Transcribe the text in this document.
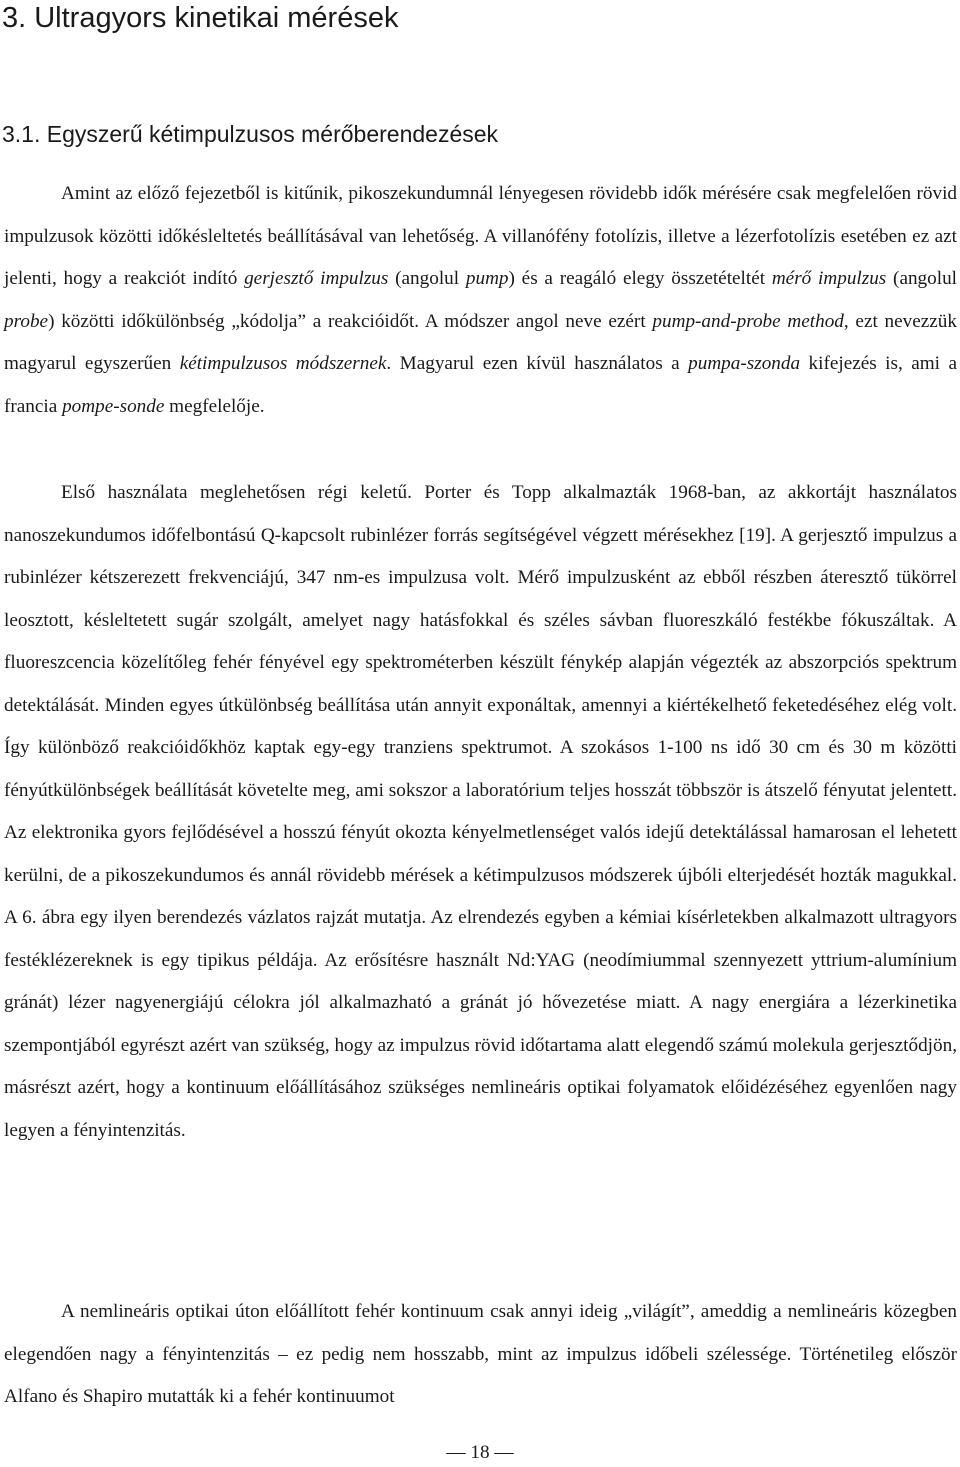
3. Ultragyors kinetikai mérések
3.1. Egyszerű kétimpulzusos mérőberendezések

Amint az előző fejezetből is kitűnik, pikoszekundumnál lényegesen rövidebb idők mérésére csak megfelelően rövid impulzusok közötti időkésleltetés beállításával van lehetőség. A villanófény fotolízis, illetve a lézerfotolízis esetében ez azt jelenti, hogy a reakciót indító gerjesztő impulzus (angolul pump) és a reagáló elegy összetételtét mérő impulzus (angolul probe) közötti időkülönbség „kódolja” a reakcióidőt. A módszer angol neve ezért pump-and-probe method, ezt nevezzük magyarul egyszerűen kétimpulzusos módszernek. Magyarul ezen kívül használatos a pumpa-szonda kifejezés is, ami a francia pompe-sonde megfelelője.

Első használata meglehetősen régi keletű. Porter és Topp alkalmazták 1968-ban, az akkortájt használatos nanoszekundumos időfelbontású Q-kapcsolt rubinlézer forrás segítségével végzett mérésekhez [19]. A gerjesztő impulzus a rubinlézer kétszerezett frekvenciájú, 347 nm-es impulzusa volt. Mérő impulzusként az ebből részben áteresztő tükörrel leosztott, késleltetett sugár szolgált, amelyet nagy hatásfokkal és széles sávban fluoreszkáló festékbe fókuszáltak. A fluoreszcencia közelítőleg fehér fényével egy spektrométerben készült fénykép alapján végezték az abszorpciós spektrum detektálását. Minden egyes útkülönbség beállítása után annyit exponáltak, amennyi a kiértékelhető feketedéséhez elég volt. Így különböző reakcióidőkhöz kaptak egy-egy tranziens spektrumot. A szokásos 1-100 ns idő 30 cm és 30 m közötti fényútkülönbségek beállítását követelte meg, ami sokszor a laboratórium teljes hosszát többször is átszelő fényutat jelentett. Az elektronika gyors fejlődésével a hosszú fényút okozta kényelmetlenséget valós idejű detektálással hamarosan el lehetett kerülni, de a pikoszekundumos és annál rövidebb mérések a kétimpulzusos módszerek újbóli elterjedését hozták magukkal. A 6. ábra egy ilyen berendezés vázlatos rajzát mutatja. Az elrendezés egyben a kémiai kísérletekben alkalmazott ultragyors festéklézereknek is egy tipikus példája. Az erősítésre használt Nd:YAG (neodímiummal szennyezett yttrium-alumínium gránát) lézer nagyenergiájú célokra jól alkalmazható a gránát jó hővezetése miatt. A nagy energiára a lézerkinetika szempontjából egyrészt azért van szükség, hogy az impulzus rövid időtartama alatt elegendő számú molekula gerjesztődjön, másrészt azért, hogy a kontinuum előállításához szükséges nemlineáris optikai folyamatok előidézéséhez egyenlően nagy legyen a fényintenzitás.

A nemlineáris optikai úton előállított fehér kontinuum csak annyi ideig „világít”, ameddig a nemlineáris közegben elegendően nagy a fényintenzitás – ez pedig nem hosszabb, mint az impulzus időbeli szélessége. Történetileg először Alfano és Shapiro mutatták ki a fehér kontinuumot

— 18 —
